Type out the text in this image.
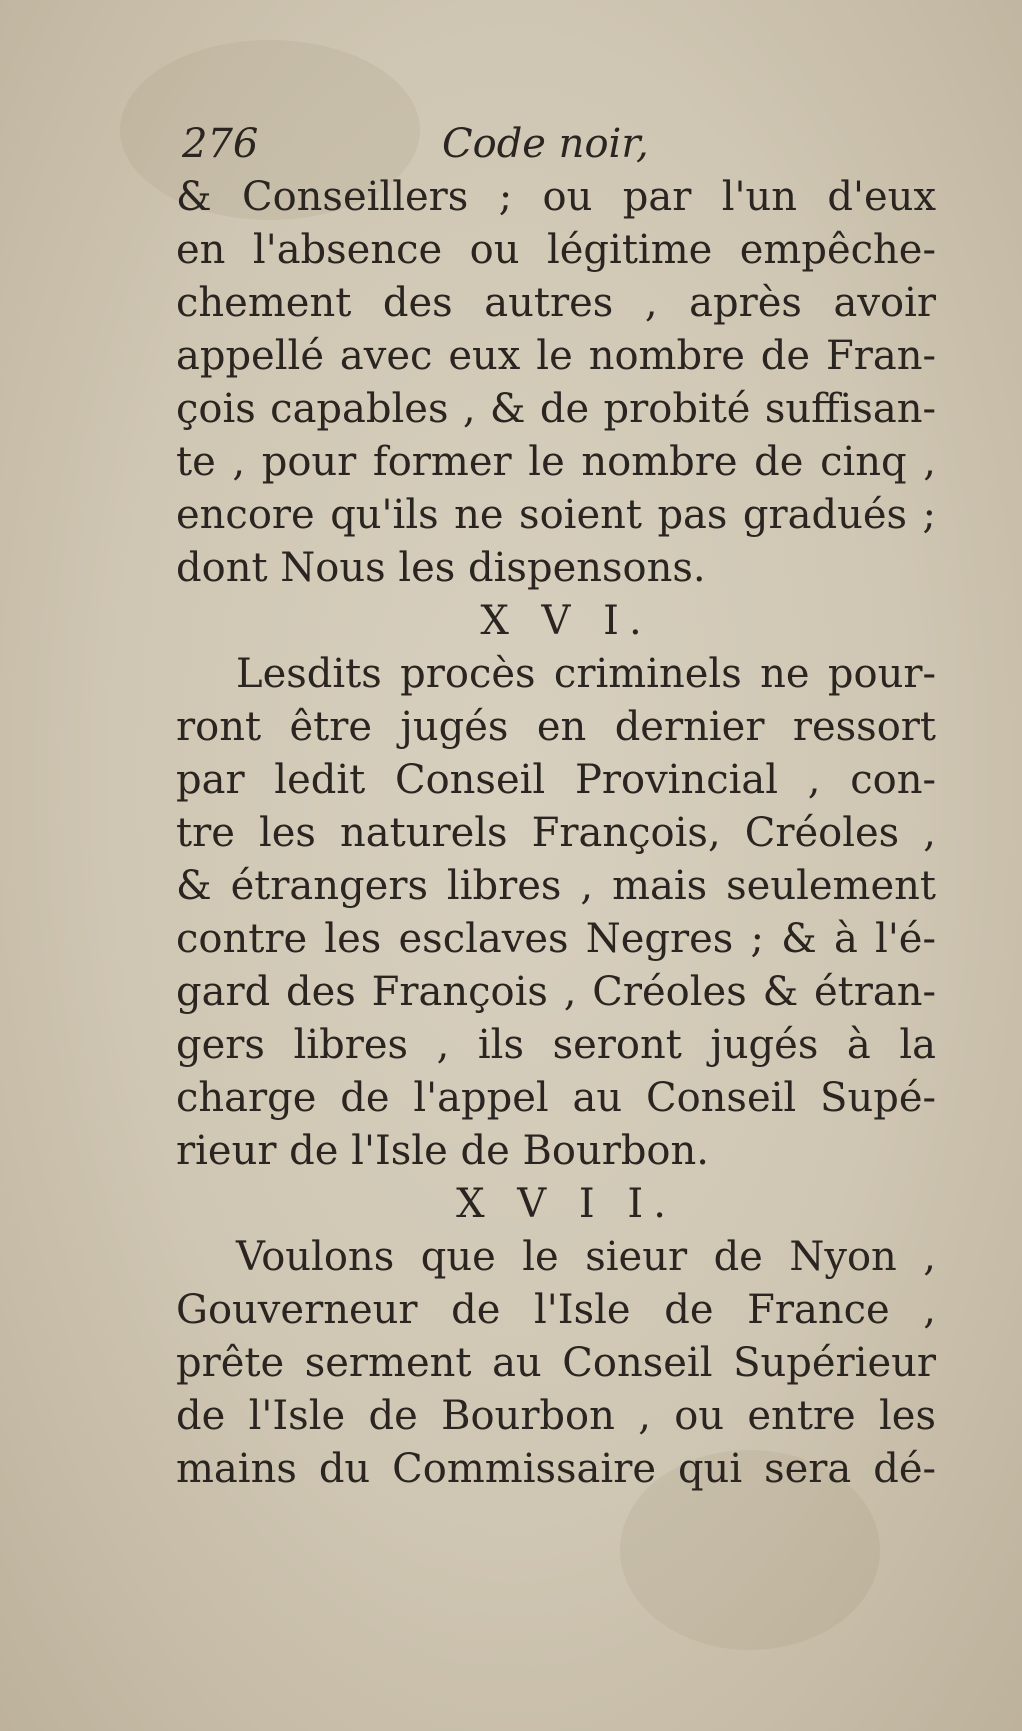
276	Code noir,
& Conseillers ; ou par l'un d'eux
en l'absence ou légitime empêche-
chement des autres , après avoir
appellé avec eux le nombre de Fran-
çois capables , & de probité suffisan-
te , pour former le nombre de cinq ,
encore qu'ils ne soient pas gradués ;
dont Nous les dispensons.
X V I.
Lesdits procès criminels ne pour-
ront être jugés en dernier ressort
par ledit Conseil Provincial , con-
tre les naturels François, Créoles ,
& étrangers libres , mais seulement
contre les esclaves Negres ; & à l'é-
gard des François , Créoles & étran-
gers libres , ils seront jugés à la
charge de l'appel au Conseil Supé-
rieur de l'Isle de Bourbon.
X V I I.
Voulons que le sieur de Nyon ,
Gouverneur de l'Isle de France ,
prête serment au Conseil Supérieur
de l'Isle de Bourbon , ou entre les
mains du Commissaire qui sera dé-
